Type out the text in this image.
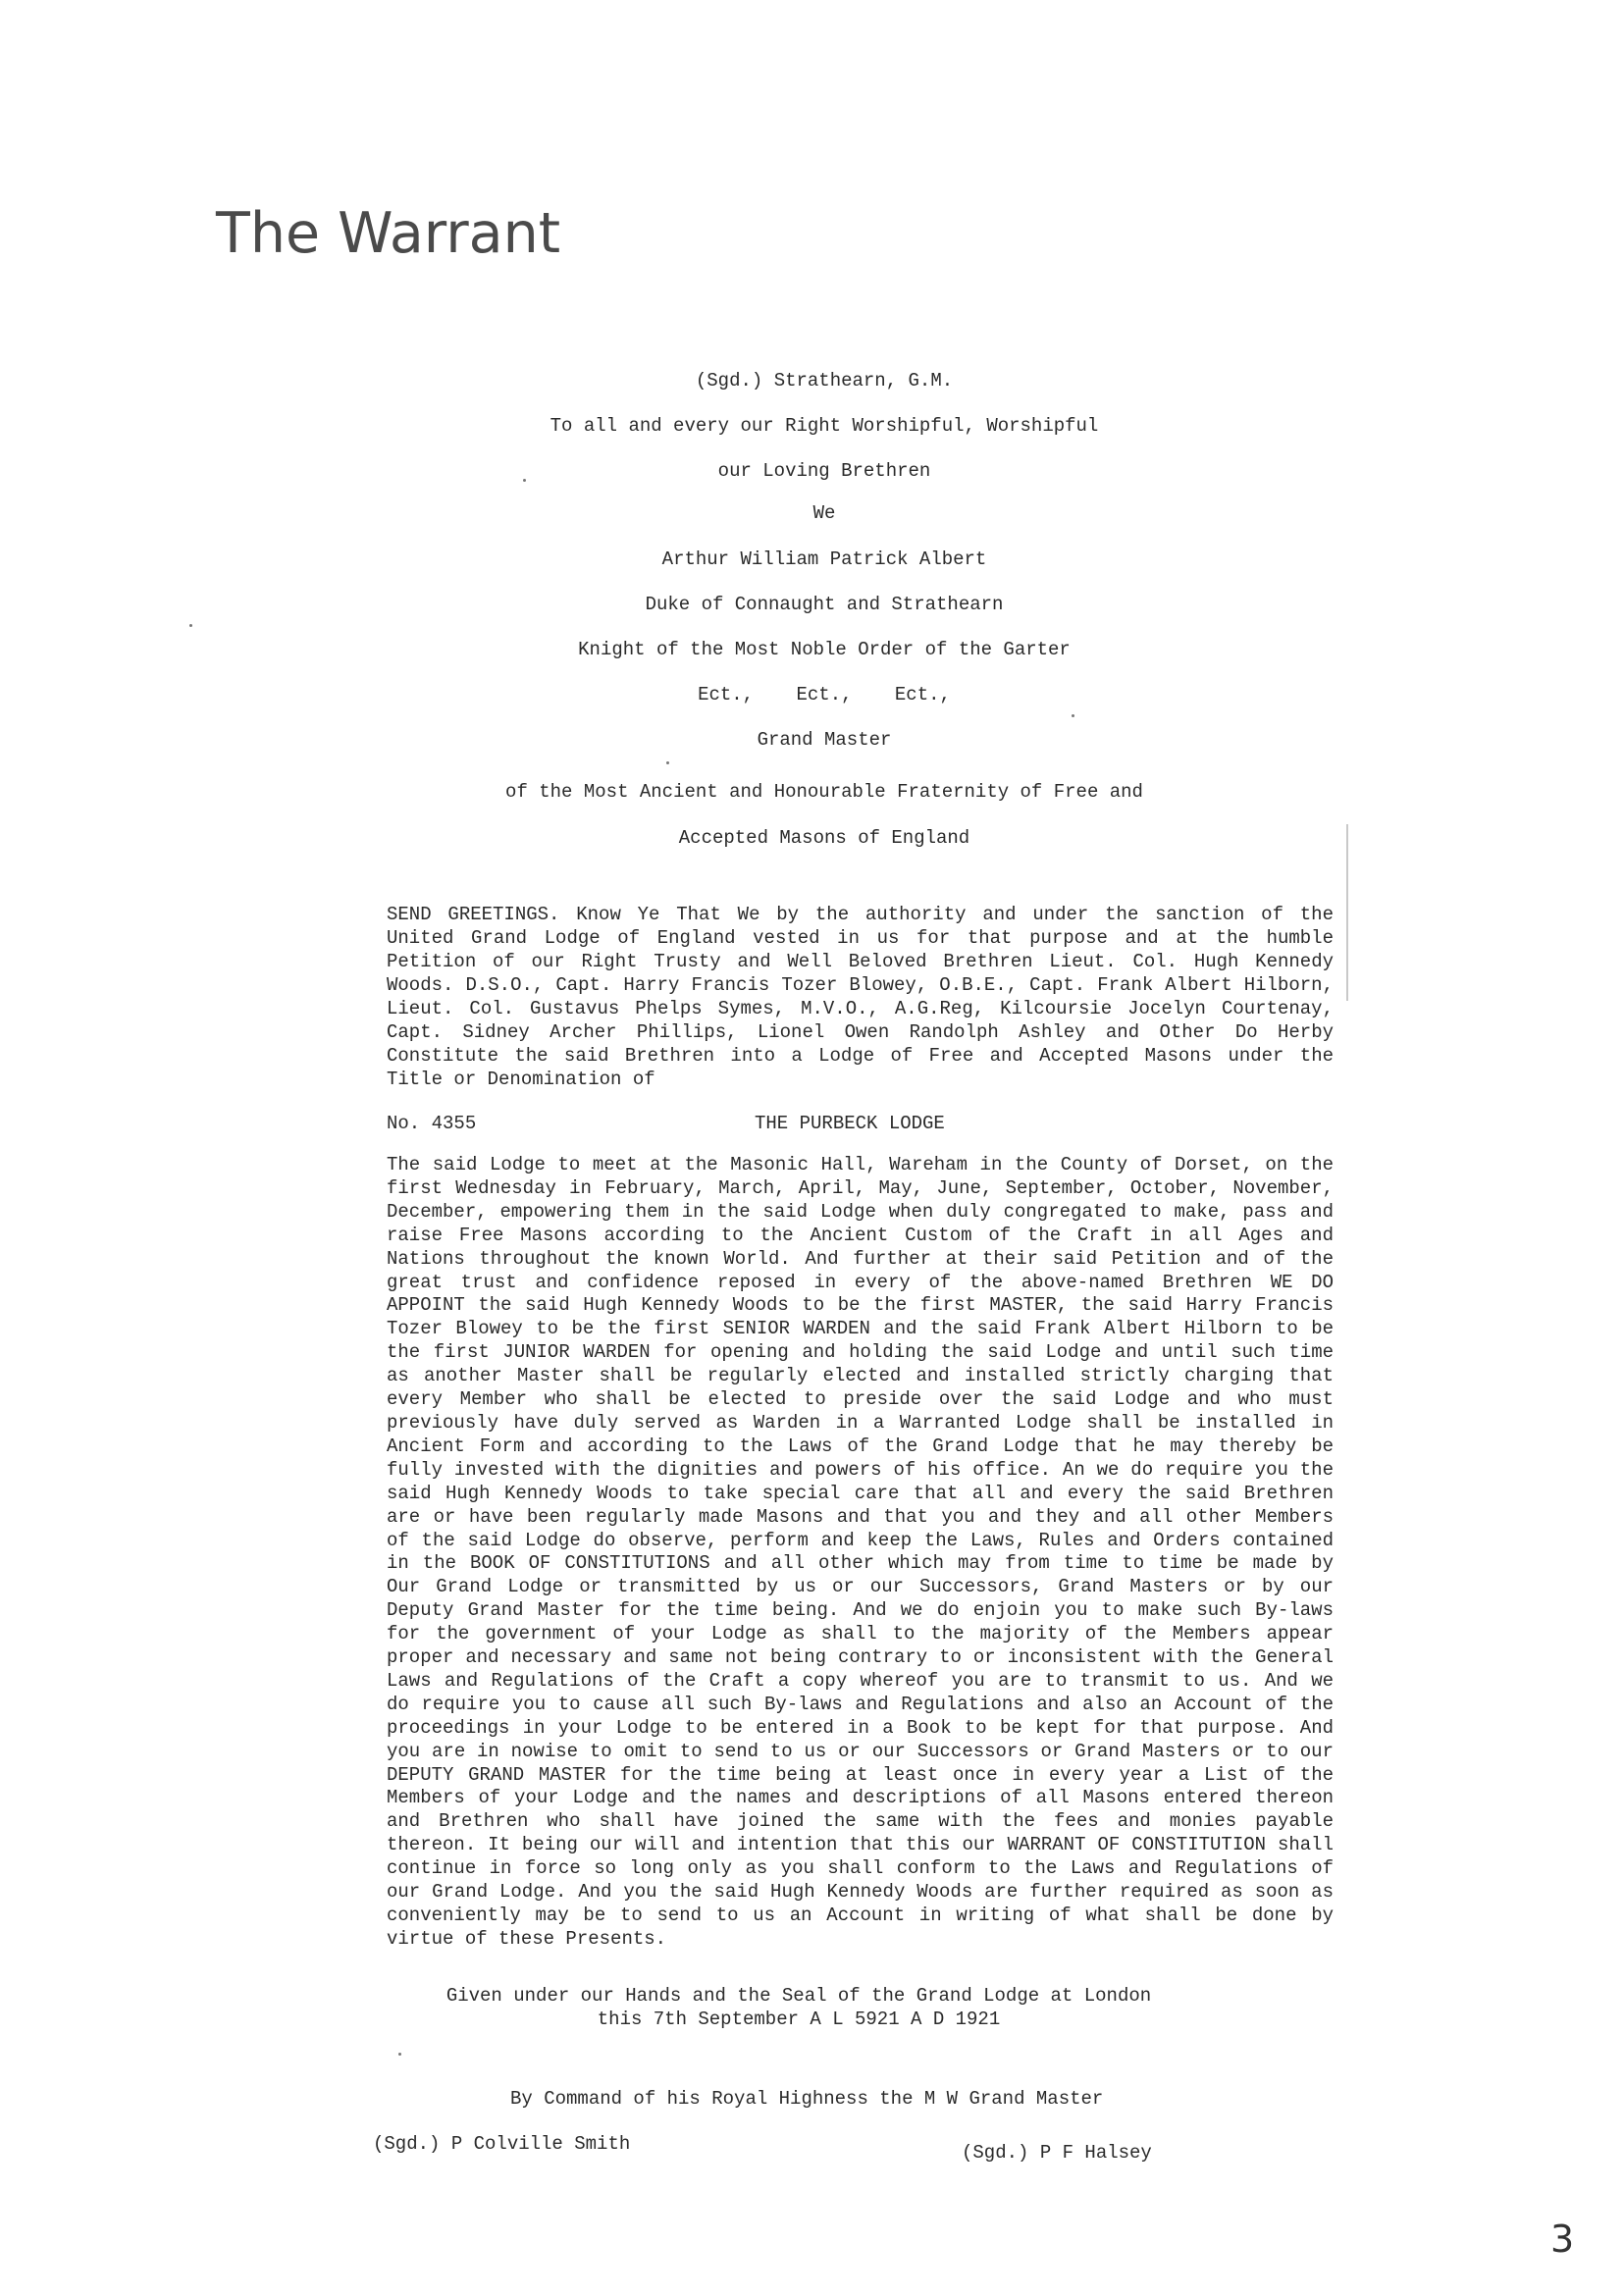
The Warrant
(Sgd.) Strathearn, G.M.
To all and every our Right Worshipful, Worshipful
our Loving Brethren
We
Arthur William Patrick Albert
Duke of Connaught and Strathearn
Knight of the Most Noble Order of the Garter
Ect., Ect., Ect.,
Grand Master
of the Most Ancient and Honourable Fraternity of Free and
Accepted Masons of England
SEND GREETINGS. Know Ye That We by the authority and under the sanction of the United Grand Lodge of England vested in us for that purpose and at the humble Petition of our Right Trusty and Well Beloved Brethren Lieut. Col. Hugh Kennedy Woods. D.S.O., Capt. Harry Francis Tozer Blowey, O.B.E., Capt. Frank Albert Hilborn, Lieut. Col. Gustavus Phelps Symes, M.V.O., A.G.Reg, Kilcoursie Jocelyn Courtenay, Capt. Sidney Archer Phillips, Lionel Owen Randolph Ashley and Other Do Herby Constitute the said Brethren into a Lodge of Free and Accepted Masons under the Title or Denomination of
No. 4355	THE PURBECK LODGE
The said Lodge to meet at the Masonic Hall, Wareham in the County of Dorset, on the first Wednesday in February, March, April, May, June, September, October, November, December, empowering them in the said Lodge when duly congregated to make, pass and raise Free Masons according to the Ancient Custom of the Craft in all Ages and Nations throughout the known World. And further at their said Petition and of the great trust and confidence reposed in every of the above-named Brethren WE DO APPOINT the said Hugh Kennedy Woods to be the first MASTER, the said Harry Francis Tozer Blowey to be the first SENIOR WARDEN and the said Frank Albert Hilborn to be the first JUNIOR WARDEN for opening and holding the said Lodge and until such time as another Master shall be regularly elected and installed strictly charging that every Member who shall be elected to preside over the said Lodge and who must previously have duly served as Warden in a Warranted Lodge shall be installed in Ancient Form and according to the Laws of the Grand Lodge that he may thereby be fully invested with the dignities and powers of his office. An we do require you the said Hugh Kennedy Woods to take special care that all and every the said Brethren are or have been regularly made Masons and that you and they and all other Members of the said Lodge do observe, perform and keep the Laws, Rules and Orders contained in the BOOK OF CONSTITUTIONS and all other which may from time to time be made by Our Grand Lodge or transmitted by us or our Successors, Grand Masters or by our Deputy Grand Master for the time being. And we do enjoin you to make such By-laws for the government of your Lodge as shall to the majority of the Members appear proper and necessary and same not being contrary to or inconsistent with the General Laws and Regulations of the Craft a copy whereof you are to transmit to us. And we do require you to cause all such By-laws and Regulations and also an Account of the proceedings in your Lodge to be entered in a Book to be kept for that purpose. And you are in nowise to omit to send to us or our Successors or Grand Masters or to our DEPUTY GRAND MASTER for the time being at least once in every year a List of the Members of your Lodge and the names and descriptions of all Masons entered thereon and Brethren who shall have joined the same with the fees and monies payable thereon. It being our will and intention that this our WARRANT OF CONSTITUTION shall continue in force so long only as you shall conform to the Laws and Regulations of our Grand Lodge. And you the said Hugh Kennedy Woods are further required as soon as conveniently may be to send to us an Account in writing of what shall be done by virtue of these Presents.
Given under our Hands and the Seal of the Grand Lodge at London
this 7th September A L 5921 A D 1921
By Command of his Royal Highness the M W Grand Master
(Sgd.) P Colville Smith	(Sgd.) P F Halsey
3
